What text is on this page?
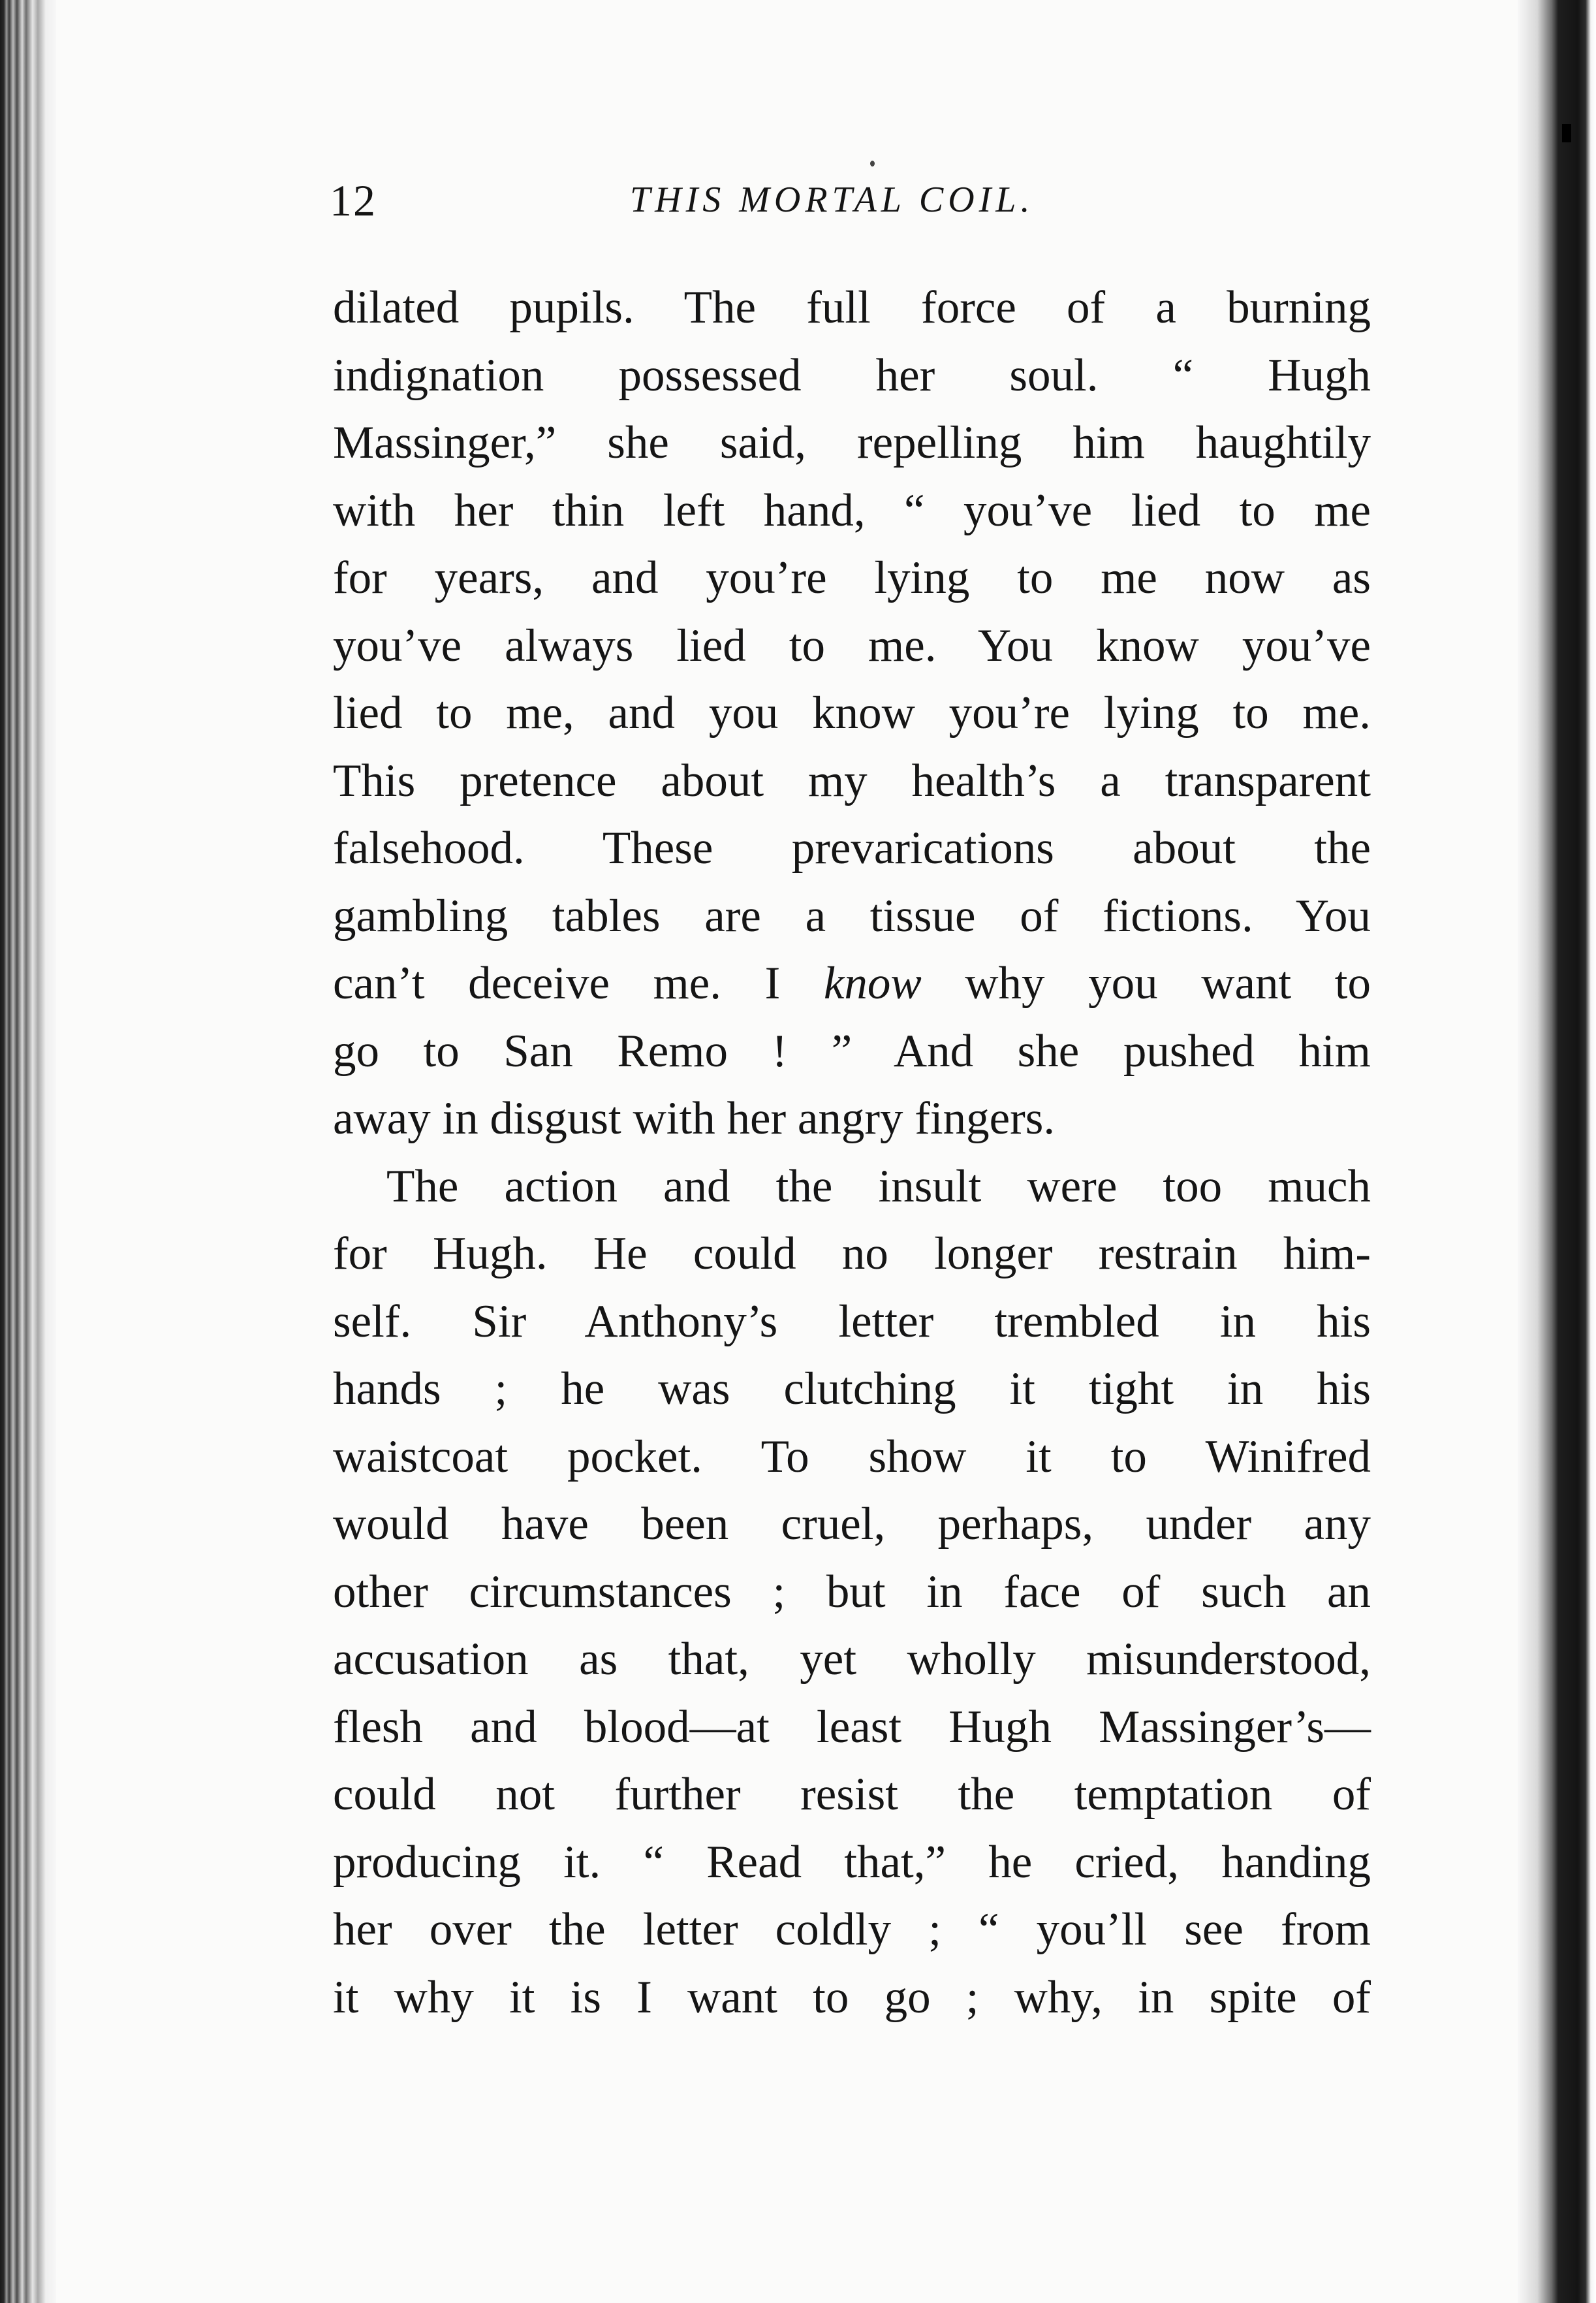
12	THIS MORTAL COIL.
dilated pupils. The full force of a burning
indignation possessed her soul. “ Hugh
Massinger,” she said, repelling him haughtily
with her thin left hand, “ you’ve lied to me
for years, and you’re lying to me now as
you’ve always lied to me. You know you’ve
lied to me, and you know you’re lying to me.
This pretence about my health’s a transparent
falsehood. These prevarications about the
gambling tables are a tissue of fictions. You
can’t deceive me. I know why you want to
go to San Remo ! ” And she pushed him
away in disgust with her angry fingers.
The action and the insult were too much
for Hugh. He could no longer restrain him-
self. Sir Anthony’s letter trembled in his
hands ; he was clutching it tight in his
waistcoat pocket. To show it to Winifred
would have been cruel, perhaps, under any
other circumstances ; but in face of such an
accusation as that, yet wholly misunderstood,
flesh and blood—at least Hugh Massinger’s—
could not further resist the temptation of
producing it. “ Read that,” he cried, handing
her over the letter coldly ; “ you’ll see from
it why it is I want to go ; why, in spite of
